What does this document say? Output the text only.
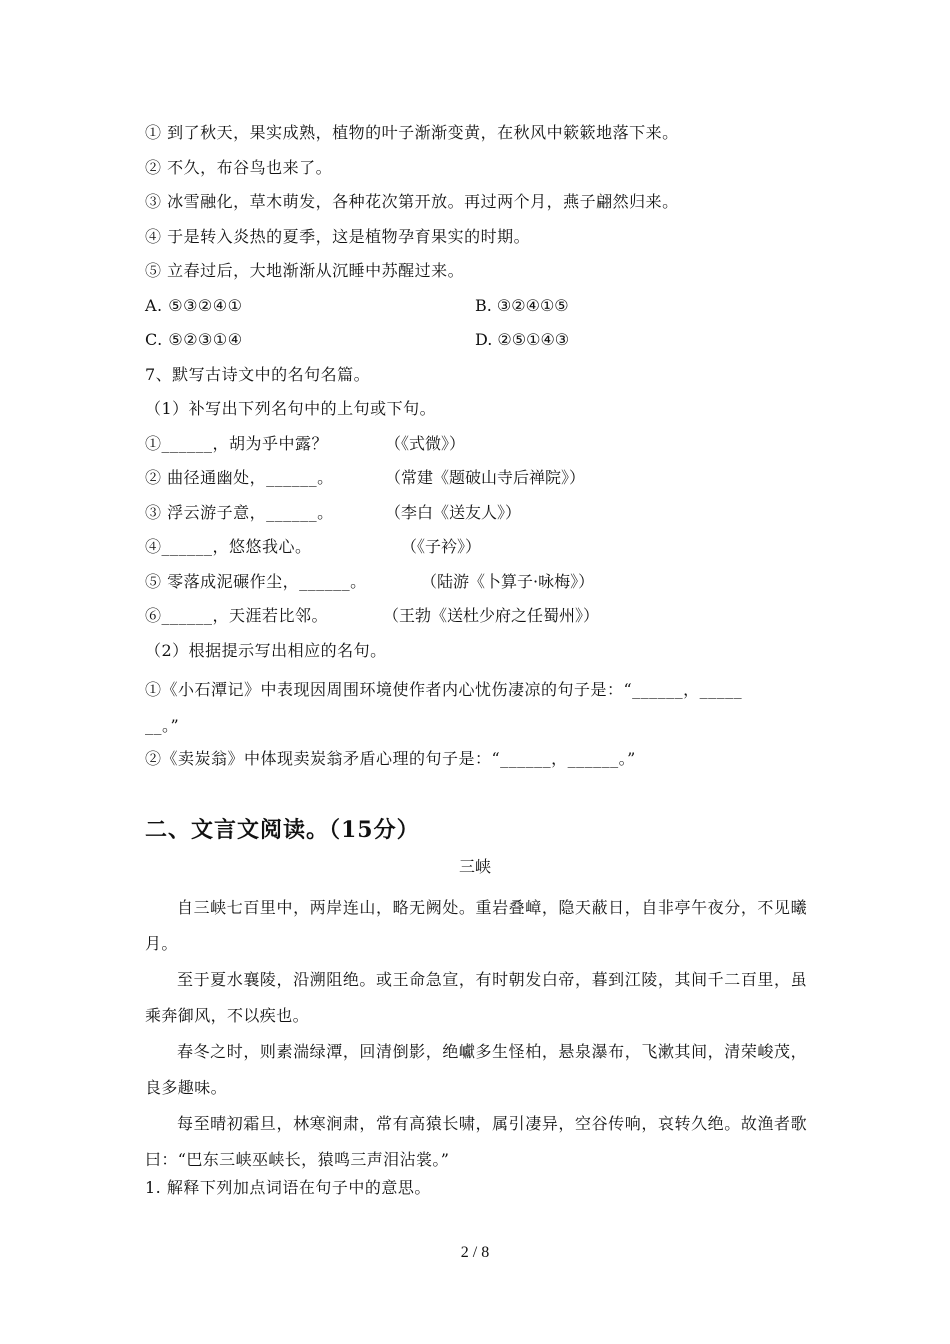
① 到了秋天，果实成熟，植物的叶子渐渐变黄，在秋风中簌簌地落下来。
② 不久，布谷鸟也来了。
③ 冰雪融化，草木萌发，各种花次第开放。再过两个月，燕子翩然归来。
④ 于是转入炎热的夏季，这是植物孕育果实的时期。
⑤ 立春过后，大地渐渐从沉睡中苏醒过来。
A. ⑤③②④①	B. ③②④①⑤
C. ⑤②③①④	D. ②⑤①④③
7、默写古诗文中的名句名篇。
（1）补写出下列名句中的上句或下句。
①______，胡为乎中露？	（《式微》）
② 曲径通幽处，______。	（常建《题破山寺后禅院》）
③ 浮云游子意，______。	（李白《送友人》）
④______，悠悠我心。	（《子衿》）
⑤ 零落成泥碾作尘，______。	（陆游《卜算子·咏梅》）
⑥______，天涯若比邻。	（王勃《送杜少府之任蜀州》）
（2）根据提示写出相应的名句。
①《小石潭记》中表现因周围环境使作者内心忧伤凄凉的句子是：“______，_____
__。”
②《卖炭翁》中体现卖炭翁矛盾心理的句子是：“______，______。”
二、文言文阅读。（15分）
三峡
自三峡七百里中，两岸连山，略无阙处。重岩叠嶂，隐天蔽日，自非亭午夜分，不见曦月。
至于夏水襄陵，沿溯阻绝。或王命急宣，有时朝发白帝，暮到江陵，其间千二百里，虽乘奔御风，不以疾也。
春冬之时，则素湍绿潭，回清倒影，绝巘多生怪柏，悬泉瀑布，飞漱其间，清荣峻茂，良多趣味。
每至晴初霜旦，林寒涧肃，常有高猿长啸，属引凄异，空谷传响，哀转久绝。故渔者歌曰：“巴东三峡巫峡长，猿鸣三声泪沾裳。”
1. 解释下列加点词语在句子中的意思。
2 / 8
